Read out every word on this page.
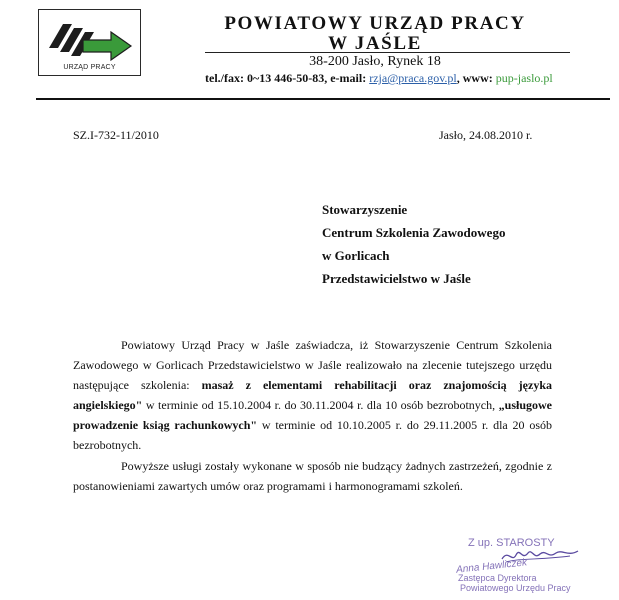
URZĄD PRACY
POWIATOWY URZĄD PRACY
W JAŚLE
38-200 Jasło, Rynek 18
tel./fax: 0~13 446-50-83, e-mail: rzja@praca.gov.pl, www: pup-jaslo.pl
SZ.I-732-11/2010	Jasło, 24.08.2010 r.
Stowarzyszenie
Centrum Szkolenia Zawodowego
w Gorlicach
Przedstawicielstwo w Jaśle

Powiatowy Urząd Pracy w Jaśle zaświadcza, iż Stowarzyszenie Centrum Szkolenia Zawodowego w Gorlicach Przedstawicielstwo w Jaśle realizowało na zlecenie tutejszego urzędu następujące szkolenia: masaż z elementami rehabilitacji oraz znajomością języka angielskiego" w terminie od 15.10.2004 r. do 30.11.2004 r. dla 10 osób bezrobotnych, „usługowe prowadzenie ksiąg rachunkowych" w terminie od 10.10.2005 r. do 29.11.2005 r. dla 20 osób bezrobotnych.

Powyższe usługi zostały wykonane w sposób nie budzący żadnych zastrzeżeń, zgodnie z postanowieniami zawartych umów oraz programami i harmonogramami szkoleń.

Z up. STAROSTY
Anna Hawliczek
Zastępca Dyrektora
Powiatowego Urzędu Pracy
